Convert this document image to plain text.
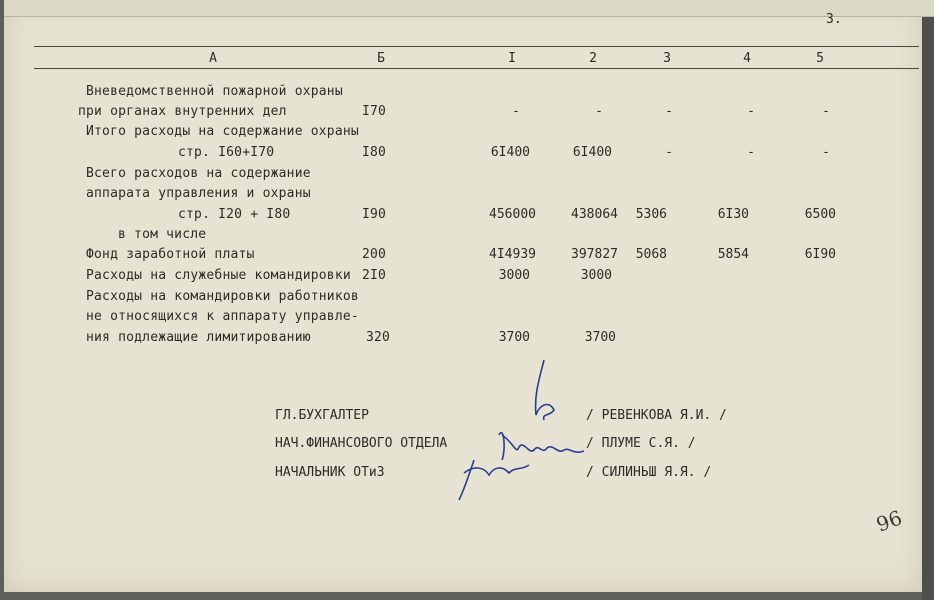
3.
А	Б	I	2	3	4	5
Вневедомственной пожарной охраны
при органах внутренних дел	I70	-	-	-	-	-
Итого расходы на содержание охраны
стр. I60+I70	I80	6I400	6I400	-	-	-
Всего расходов на содержание
аппарата управления и охраны
стр. I20 + I80	I90	456000	438064	5306	6I30	6500
в том числе
Фонд заработной платы	200	4I4939	397827	5068	5854	6I90
Расходы на служебные командировки 2I0	3000	3000
Расходы на командировки работников
не относящихся к аппарату управле-
ния подлежащие лимитированию	320	3700	3700
ГЛ.БУХГАЛТЕР	/ РЕВЕНКОВА Я.И. /
НАЧ.ФИНАНСОВОГО ОТДЕЛА	/ ПЛУМЕ С.Я. /
НАЧАЛЬНИК ОТиЗ	/ СИЛИНЬШ Я.Я. /
96
